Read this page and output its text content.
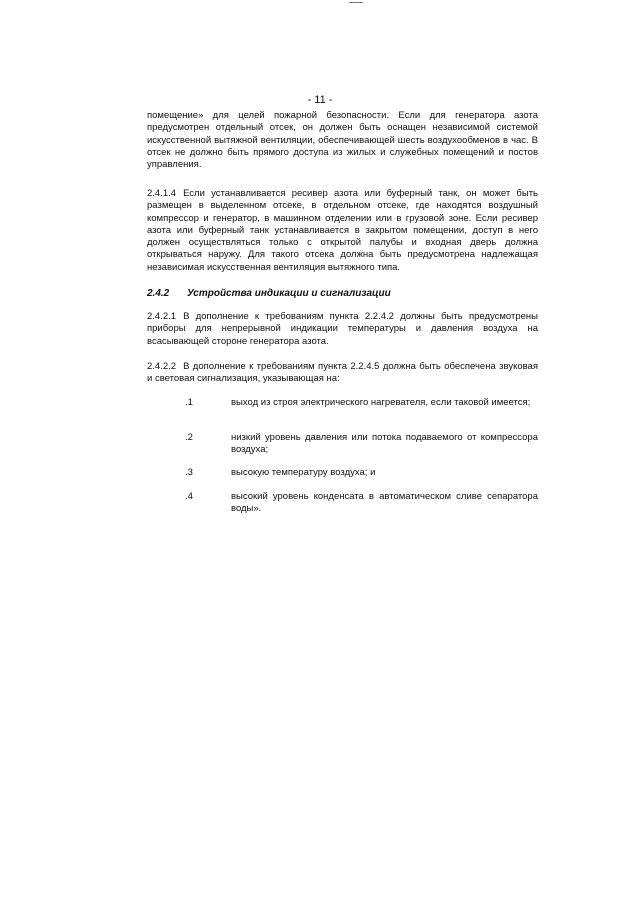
- 11 -

помещение» для целей пожарной безопасности. Если для генератора азота предусмотрен отдельный отсек, он должен быть оснащен независимой системой искусственной вытяжной вентиляции, обеспечивающей шесть воздухообменов в час. В отсек не должно быть прямого доступа из жилых и служебных помещений и постов управления.

2.4.1.4 Если устанавливается ресивер азота или буферный танк, он может быть размещен в выделенном отсеке, в отдельном отсеке, где находятся воздушный компрессор и генератор, в машинном отделении или в грузовой зоне. Если ресивер азота или буферный танк устанавливается в закрытом помещении, доступ в него должен осуществляться только с открытой палубы и входная дверь должна открываться наружу. Для такого отсека должна быть предусмотрена надлежащая независимая искусственная вентиляция вытяжного типа.

2.4.2 Устройства индикации и сигнализации

2.4.2.1 В дополнение к требованиям пункта 2.2.4.2 должны быть предусмотрены приборы для непрерывной индикации температуры и давления воздуха на всасывающей стороне генератора азота.

2.4.2.2 В дополнение к требованиям пункта 2.2.4.5 должна быть обеспечена звуковая и световая сигнализация, указывающая на:

.1	выход из строя электрического нагревателя, если таковой имеется;
.2	низкий уровень давления или потока подаваемого от компрессора воздуха;
.3	высокую температуру воздуха; и
.4	высокий уровень конденсата в автоматическом сливе сепаратора воды».
